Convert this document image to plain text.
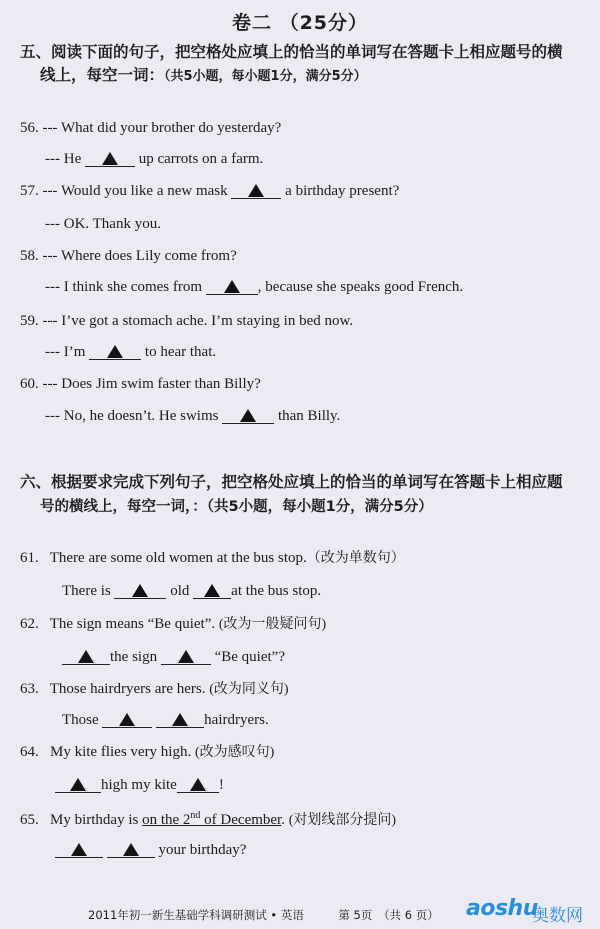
卷二 （25分）
五、阅读下面的句子，把空格处应填上的恰当的单词写在答题卡上相应题号的横
线上，每空一词：（共5小题，每小题1分，满分5分）
56. --- What did your brother do yesterday?
--- He	up carrots on a farm.
57. --- Would you like a new mask	a birthday present?
--- OK. Thank you.
58. --- Where does Lily come from?
--- I think she comes from	, because she speaks good French.
59. --- I’ve got a stomach ache. I’m staying in bed now.
--- I’m	to hear that.
60. --- Does Jim swim faster than Billy?
--- No, he doesn’t. He swims	than Billy.
六、根据要求完成下列句子，把空格处应填上的恰当的单词写在答题卡上相应题
号的横线上，每空一词，：（共5小题，每小题1分，满分5分）
61. There are some old women at the bus stop.（改为单数句）
There is	old	at the bus stop.
62. The sign means “Be quiet”. (改为一般疑问句)
the sign	“Be quiet”?
63. Those hairdryers are hers. (改为同义句)
Those	hairdryers.
64. My kite flies very high. (改为感叹句)
high my kite	!
65. My birthday is on the 2nd of December. (对划线部分提问)
your birthday?
2011年初一新生基础学科调研测试 • 英语　　　第 5页　（共 6 页） aoshu
奥数网
